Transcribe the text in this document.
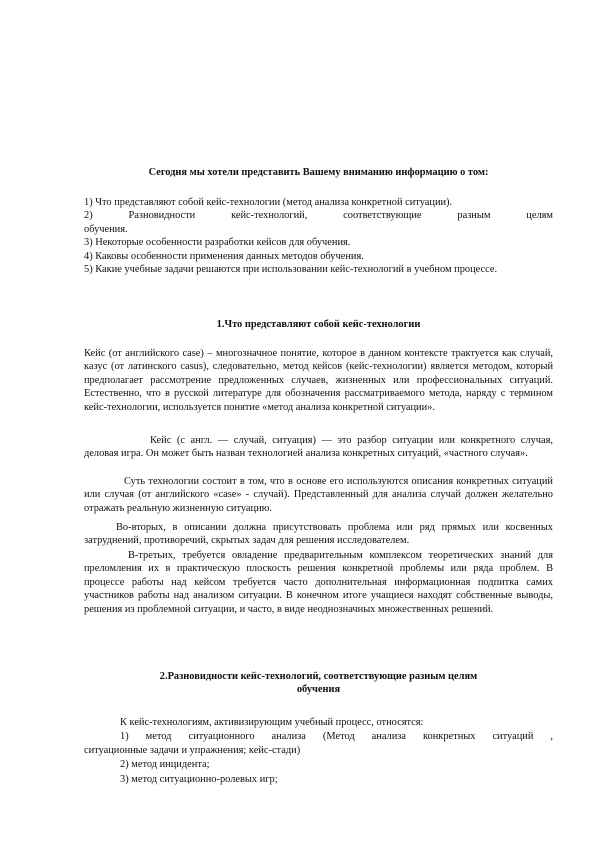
Сегодня мы хотели представить Вашему вниманию информацию о том:
1) Что представляют собой кейс-технологии (метод анализа конкретной ситуации).
2) Разновидности кейс-технологий, соответствующие разным целям
обучения.
3) Некоторые особенности разработки кейсов для обучения.
4) Каковы особенности применения данных методов обучения.
5) Какие учебные задачи решаются при использовании кейс-технологий в учебном процессе.
1.Что представляют собой кейс-технологии
Кейс (от английского case) – многозначное понятие, которое в данном контексте трактуется как случай, казус (от латинского casus), следовательно, метод кейсов (кейс-технологии) является методом, который предполагает рассмотрение предложенных случаев, жизненных или профессиональных ситуаций. Естественно, что в русской литературе для обозначения рассматриваемого метода, наряду с термином кейс-технологии, используется понятие «метод анализа конкретной ситуации».
Кейс (с англ. — случай, ситуация) — это разбор ситуации или конкретного случая, деловая игра. Он может быть назван технологией анализа конкретных ситуаций, «частного случая».
Суть технологии состоит в том, что в основе его используются описания конкретных ситуаций или случая (от английского «case» - случай). Представленный для анализа случай должен желательно отражать реальную жизненную ситуацию.
Во-вторых, в описании должна присутствовать проблема или ряд прямых или косвенных затруднений, противоречий, скрытых задач для решения исследователем.
В-третьих, требуется овладение предварительным комплексом теоретических знаний для преломления их в практическую плоскость решения конкретной проблемы или ряда проблем. В процессе работы над кейсом требуется часто дополнительная информационная подпитка самих участников работы над анализом ситуации. В конечном итоге учащиеся находят собственные выводы, решения из проблемной ситуации, и часто, в виде неоднозначных множественных решений.
2.Разновидности кейс-технологий, соответствующие разным целям
обучения
К кейс-технологиям, активизирующим учебный процесс, относятся:
1) метод ситуационного анализа (Метод анализа конкретных ситуаций ,
ситуационные задачи и упражнения; кейс-стади)
2) метод инцидента;
3) метод ситуационно-ролевых игр;
